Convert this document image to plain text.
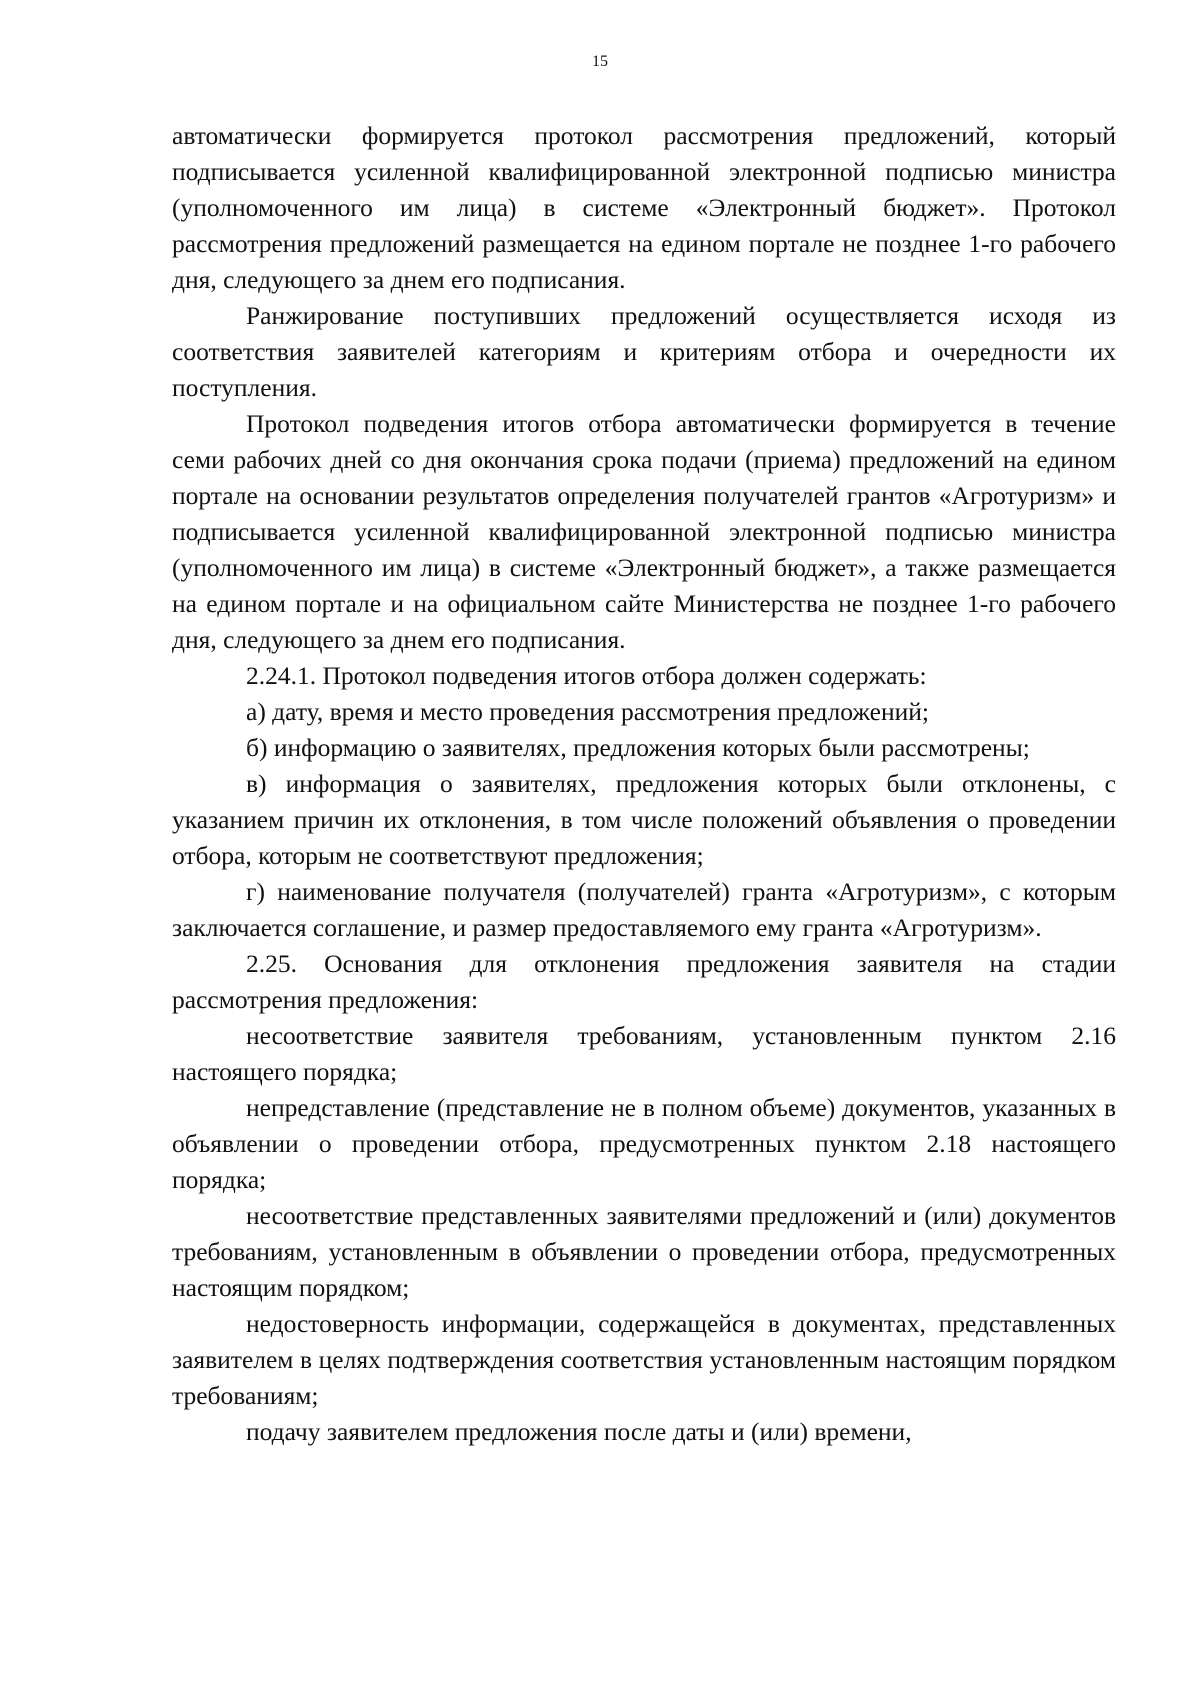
15

автоматически формируется протокол рассмотрения предложений, который подписывается усиленной квалифицированной электронной подписью министра (уполномоченного им лица) в системе «Электронный бюджет». Протокол рассмотрения предложений размещается на едином портале не позднее 1-го рабочего дня, следующего за днем его подписания.

Ранжирование поступивших предложений осуществляется исходя из соответствия заявителей категориям и критериям отбора и очередности их поступления.

Протокол подведения итогов отбора автоматически формируется в течение семи рабочих дней со дня окончания срока подачи (приема) предложений на едином портале на основании результатов определения получателей грантов «Агротуризм» и подписывается усиленной квалифицированной электронной подписью министра (уполномоченного им лица) в системе «Электронный бюджет», а также размещается на едином портале и на официальном сайте Министерства не позднее 1-го рабочего дня, следующего за днем его подписания.

2.24.1. Протокол подведения итогов отбора должен содержать:

а) дату, время и место проведения рассмотрения предложений;

б) информацию о заявителях, предложения которых были рассмотрены;

в) информация о заявителях, предложения которых были отклонены, с указанием причин их отклонения, в том числе положений объявления о проведении отбора, которым не соответствуют предложения;

г) наименование получателя (получателей) гранта «Агротуризм», с которым заключается соглашение, и размер предоставляемого ему гранта «Агротуризм».

2.25. Основания для отклонения предложения заявителя на стадии рассмотрения предложения:

несоответствие заявителя требованиям, установленным пунктом 2.16 настоящего порядка;

непредставление (представление не в полном объеме) документов, указанных в объявлении о проведении отбора, предусмотренных пунктом 2.18 настоящего порядка;

несоответствие представленных заявителями предложений и (или) документов требованиям, установленным в объявлении о проведении отбора, предусмотренных настоящим порядком;

недостоверность информации, содержащейся в документах, представленных заявителем в целях подтверждения соответствия установленным настоящим порядком требованиям;

подачу заявителем предложения после даты и (или) времени,
